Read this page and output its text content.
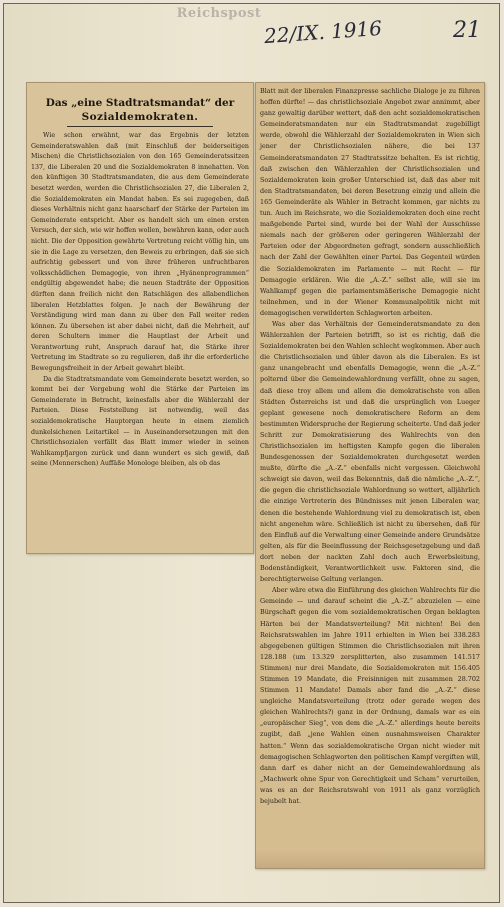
Reichspost
22/IX. 1916	21
Das „eine Stadtratsmandat“ der
Sozialdemokraten.

Wie schon erwähnt, war das Ergebnis der letzten Gemeinderatswahlen daß (mit Einschluß der beiderseitigen Mischen) die Christlichsozialen von den 165 Gemeinderatssitzen 137, die Liberalen 20 und die Sozialdemokraten 8 innehatten. Von den künftigen 30 Stadtratsmandaten, die aus dem Gemeinderate besetzt werden, werden die Christlichsozialen 27, die Liberalen 2, die Sozialdemokraten ein Mandat haben. Es sei zugegeben, daß dieses Verhältnis nicht ganz haarscharf der Stärke der Parteien im Gemeinderate entspricht. Aber es handelt sich um einen ersten Versuch, der sich, wie wir hoffen wollen, bewähren kann, oder auch nicht. Die der Opposition gewährte Vertretung reicht völlig hin, um sie in die Lage zu versetzen, den Beweis zu erbringen, daß sie sich aufrichtig gebessert und von ihrer früheren unfruchtbaren volksschädlichen Demagogie, von ihren „Hyänenprogrammen“ endgültig abgewendet habe; die neuen Stadträte der Opposition dürften dann freilich nicht den Ratschlägen des allabendlichen liberalen Hetzblattes folgen. Je nach der Bewährung der Verständigung wird man dann zu über den Fall weiter reden können. Zu übersehen ist aber dabei nicht, daß die Mehrheit, auf deren Schultern immer die Hauptlast der Arbeit und Verantwortung ruht, Anspruch darauf hat, die Stärke ihrer Vertretung im Stadtrate so zu regulieren, daß ihr die erforderliche Bewegungsfreiheit in der Arbeit gewahrt bleibt.

Da die Stadtratsmandate vom Gemeinderate besetzt werden, so kommt bei der Vergebung wohl die Stärke der Parteien im Gemeinderate in Betracht, keinesfalls aber die Wählerzahl der Parteien. Diese Feststellung ist notwendig, weil das sozialdemokratische Hauptorgan heute in einem ziemlich dunkelsichenen Leitartikel — in Auseinandersetzungen mit den Christlichsozialen verfällt das Blatt immer wieder in seinen Wahlkampfjargon zurück und dann wundert es sich gewiß, daß seine (Mennerschen) Auffäße Monologe bleiben, als ob das

Blatt mit der liberalen Finanzpresse sachliche Dialoge je zu führen hoffen dürfte! — das christlichsoziale Angebot zwar annimmt, aber ganz gewaltig darüber wettert, daß den acht sozialdemokratischen Gemeinderatsmandaten nur ein Stadtratsmandat zugebilligt werde, obwohl die Wählerzahl der Sozialdemokraten in Wien sich jener der Christlichsozialen nähere, die bei 137 Gemeinderatsmandaten 27 Stadtratssitze behalten. Es ist richtig, daß zwischen den Wählerzahlen der Christlichsozialen und Sozialdemokraten kein großer Unterschied ist, daß das aber mit den Stadtratsmandaten, bei deren Besetzung einzig und allein die 165 Gemeinderäte als Wähler in Betracht kommen, gar nichts zu tun. Auch im Reichsrate, wo die Sozialdemokraten doch eine recht maßgebende Partei sind, wurde bei der Wahl der Ausschüsse niemals nach der größeren oder geringeren Wählerzahl der Parteien oder der Abgeordneten gefragt, sondern ausschließlich nach der Zahl der Gewählten einer Partei. Das Gegenteil würden die Sozialdemokraten im Parlamente — mit Recht — für Demagogie erklären. Wie die „A.-Z.“ selbst alle, will sie im Wahlkampf gegen die parlamentsmäßerische Demagogie nicht teilnehmen, und in der Wiener Kommunalpolitik nicht mit demagogischen verwilderten Schlagworten arbeiten.

Was aber das Verhältnis der Gemeinderatsmandate zu den Wählerzahlen der Parteien betrifft, so ist es richtig, daß die Sozialdemokraten bei den Wahlen schlecht wegkommen. Aber auch die Christlichsozialen und übler davon als die Liberalen. Es ist ganz unangebracht und ebenfalls Demagogie, wenn die „A.-Z.“ polternd über die Gemeindewahlordnung verfällt, ohne zu sagen, daß diese troy allem und allem die demokratischste von allen Städten Österreichs ist und daß die ursprünglich von Lueger geplant gewesene noch demokratischere Reform an dem bestimmten Widerspruche der Regierung scheiterte. Und daß jeder Schritt zur Demokratisierung des Wahlrechts von den Christlichsozialen im heftigsten Kampfe gegen die liberalen Bundesgenossen der Sozialdemokraten durchgesetzt werden mußte, dürfte die „A.-Z.“ ebenfalls nicht vergessen. Gleichwohl schweigt sie davon, weil das Bekenntnis, daß die nämliche „A.-Z.“, die gegen die christlichsoziale Wahlordnung so wettert, alljährlich die einzige Vertreterin des Bündnisses mit jenen Liberalen war, denen die bestehende Wahlordnung viel zu demokratisch ist, eben nicht angenehm wäre. Schließlich ist nicht zu übersehen, daß für den Einfluß auf die Verwaltung einer Gemeinde andere Grundsätze gelten, als für die Beeinflussung der Reichsgesetzgebung und daß dort neben der nackten Zahl doch auch Erwerbsleitung, Bodenständigkeit, Verantwortlichkeit usw. Faktoren sind, die berechtigterweise Geltung verlangen.

Aber wäre etwa die Einführung des gleichen Wahlrechts für die Gemeinde — und darauf scheint die „A.-Z.“ abzuzielen — eine Bürgschaft gegen die vom sozialdemokratischen Organ beklagten Härten bei der Mandatsverteilung? Mit nichten! Bei den Reichsratswahlen im Jahre 1911 erhielten in Wien bei 338.283 abgegebenen gültigen Stimmen die Christlichsozialen mit ihren 128.188 (um 13.329 zersplitterten, also zusammen 141.517 Stimmen) nur drei Mandate, die Sozialdemokraten mit 156.405 Stimmen 19 Mandate, die Freisinnigen mit zusammen 28.702 Stimmen 11 Mandate! Damals aber fand die „A.-Z.“ diese ungleiche Mandatsverteilung (trotz oder gerade wegen des gleichen Wahlrechts?) ganz in der Ordnung, damals war es ein „europäischer Sieg“, von dem die „A.-Z.“ allerdings heute bereits zugibt, daß „jene Wahlen einen ausnahmsweisen Charakter hatten.“ Wenn das sozialdemokratische Organ nicht wieder mit demagogischen Schlagworten den politischen Kampf vergiften will, dann darf es daher nicht an der Gemeindewahlordnung als „Machwerk ohne Spur von Gerechtigkeit und Scham“ verurteilen, was es an der Reichsratswahl von 1911 als ganz vorzüglich bejubelt hat.
